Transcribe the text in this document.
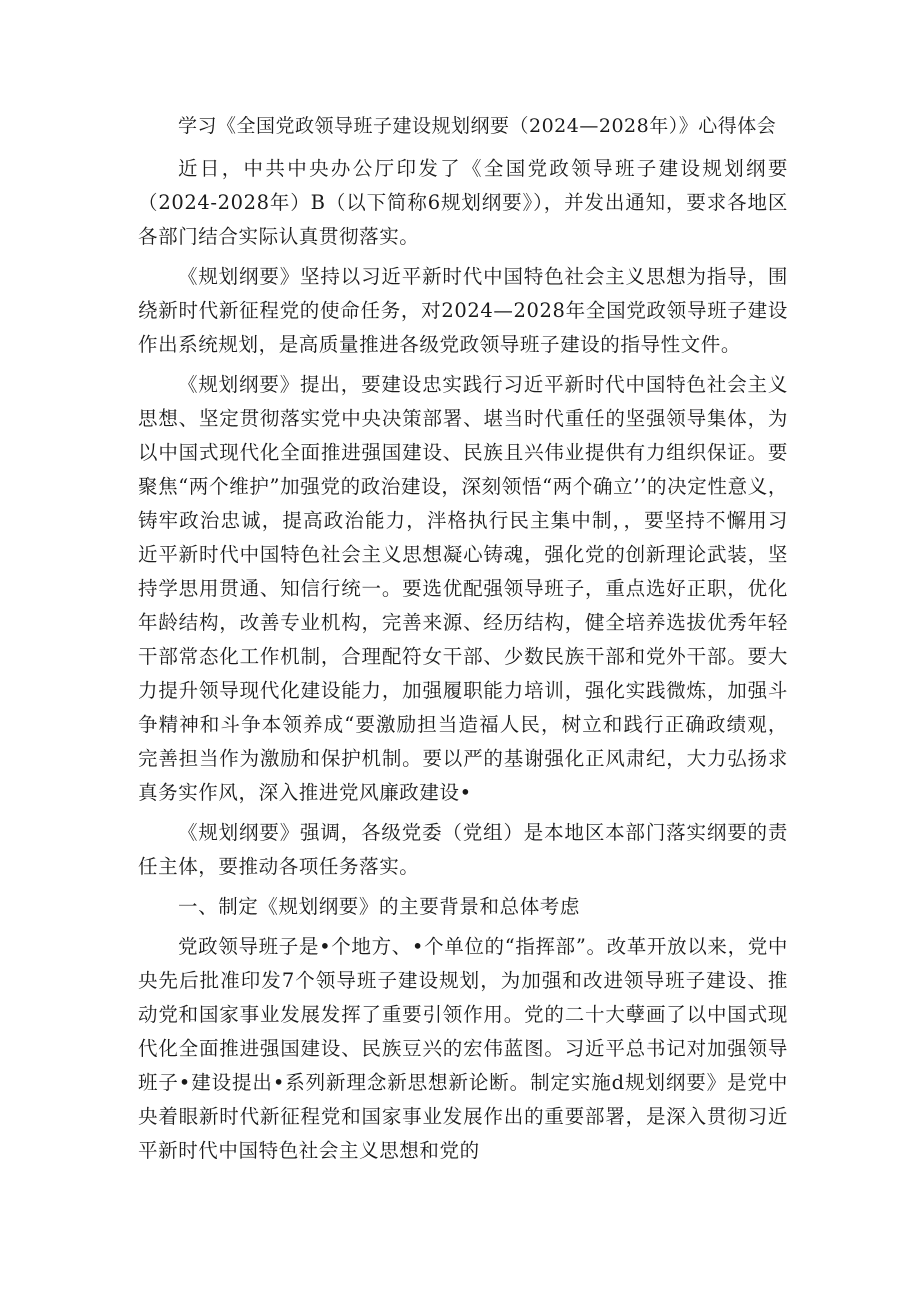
学习《全国党政领导班子建设规划纲要（2024—2028年）》心得体会

近日，中共中央办公厅印发了《全国党政领导班子建设规划纲要（2024-2028年）B（以下简称6规划纲要》），并发出通知，要求各地区各部门结合实际认真贯彻落实。

《规划纲要》坚持以习近平新时代中国特色社会主义思想为指导，围绕新时代新征程党的使命任务，对2024—2028年全国党政领导班子建设作出系统规划，是高质量推进各级党政领导班子建设的指导性文件。

《规划纲要》提出，要建设忠实践行习近平新时代中国特色社会主义思想、坚定贯彻落实党中央决策部署、堪当时代重任的坚强领导集体，为以中国式现代化全面推进强国建设、民族且兴伟业提供有力组织保证。要聚焦“两个维护”加强党的政治建设，深刻领悟“两个确立’’的决定性意义，铸牢政治忠诚，提高政治能力，泮格执行民主集中制，，要坚持不懈用习近平新时代中国特色社会主义思想凝心铸魂，强化党的创新理论武装，坚持学思用贯通、知信行统一。要选优配强领导班子，重点选好正职，优化年龄结构，改善专业机构，完善来源、经历结构，健全培养选拔优秀年轻干部常态化工作机制，合理配符女干部、少数民族干部和党外干部。要大力提升领导现代化建设能力，加强履职能力培训，强化实践微炼，加强斗争精神和斗争本领养成“要激励担当造福人民，树立和践行正确政绩观，完善担当作为激励和保护机制。要以严的基谢强化正风肃纪，大力弘扬求真务实作风，深入推进党风廉政建设•

《规划纲要》强调，各级党委（党组）是本地区本部门落实纲要的责任主体，要推动各项任务落实。

一、制定《规划纲要》的主要背景和总体考虑

党政领导班子是•个地方、•个单位的“指挥部”。改革开放以来，党中央先后批准印发7个领导班子建设规划，为加强和改进领导班子建设、推动党和国家事业发展发挥了重要引领作用。党的二十大孽画了以中国式现代化全面推进强国建设、民族豆兴的宏伟蓝图。习近平总书记对加强领导班子•建设提出•系列新理念新思想新论断。制定实施d规划纲要》是党中央着眼新时代新征程党和国家事业发展作出的重要部署，是深入贯彻习近平新时代中国特色社会主义思想和党的
